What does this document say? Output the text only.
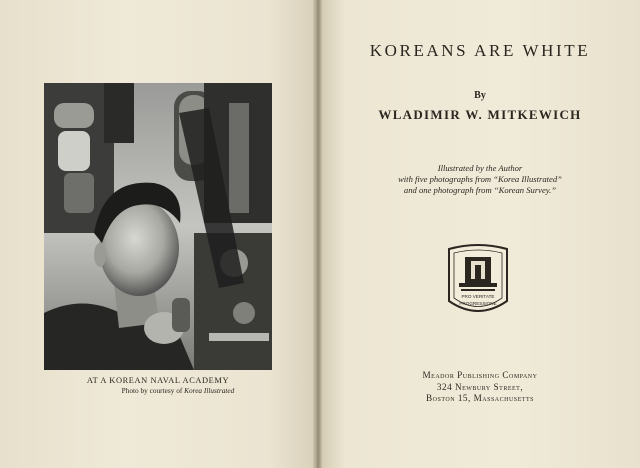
AT A KOREAN NAVAL ACADEMY
Photo by courtesy of Korea Illustrated
KOREANS ARE WHITE
By
WLADIMIR W. MITKEWICH
Illustrated by the Author
with five photographs from “Korea Illustrated”
and one photograph from “Korean Survey.”
PRO VERITATE
PROGRESSIONE
Meador Publishing Company
324 Newbury Street,
Boston 15, Massachusetts
